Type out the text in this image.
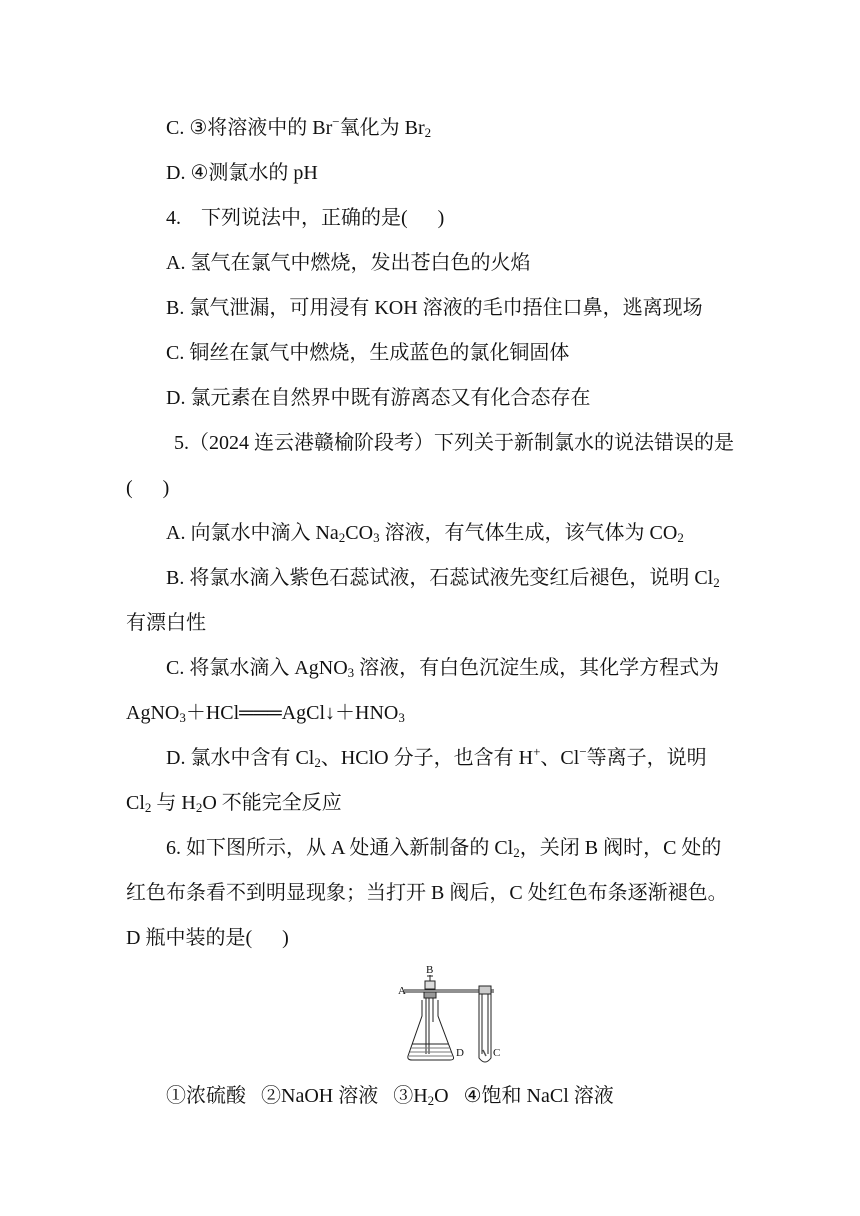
C. ③将溶液中的 Br−氧化为 $Br_2$
D. ④测氯水的 pH
4.    下列说法中，正确的是(      )
A. 氢气在氯气中燃烧，发出苍白色的火焰
B. 氯气泄漏，可用浸有 KOH 溶液的毛巾捂住口鼻，逃离现场
C. 铜丝在氯气中燃烧，生成蓝色的氯化铜固体
D. 氯元素在自然界中既有游离态又有化合态存在
5.（2024 连云港赣榆阶段考）下列关于新制氯水的说法错误的是
(      )
A. 向氯水中滴入 $Na_2CO_3$ 溶液，有气体生成，该气体为 $CO_2$
B. 将氯水滴入紫色石蕊试液，石蕊试液先变红后褪色，说明 $Cl_2$
有漂白性
C. 将氯水滴入 AgNO$_3$ 溶液，有白色沉淀生成，其化学方程式为
$AgNO_3+HCl═══AgCl↓+HNO_3$
D. 氯水中含有 $Cl_2$、HClO 分子，也含有 H+、Cl−等离子，说明
$Cl_2$ 与 $H_2O$ 不能完全反应
6. 如下图所示，从 A 处通入新制备的 $Cl_2$，关闭 B 阀时，C 处的
红色布条看不到明显现象；当打开 B 阀后，C 处红色布条逐渐褪色。
D 瓶中装的是(      )
A
B
C
D
①浓硫酸   ②NaOH 溶液   $③H_2O$   ④饱和 NaCl 溶液
